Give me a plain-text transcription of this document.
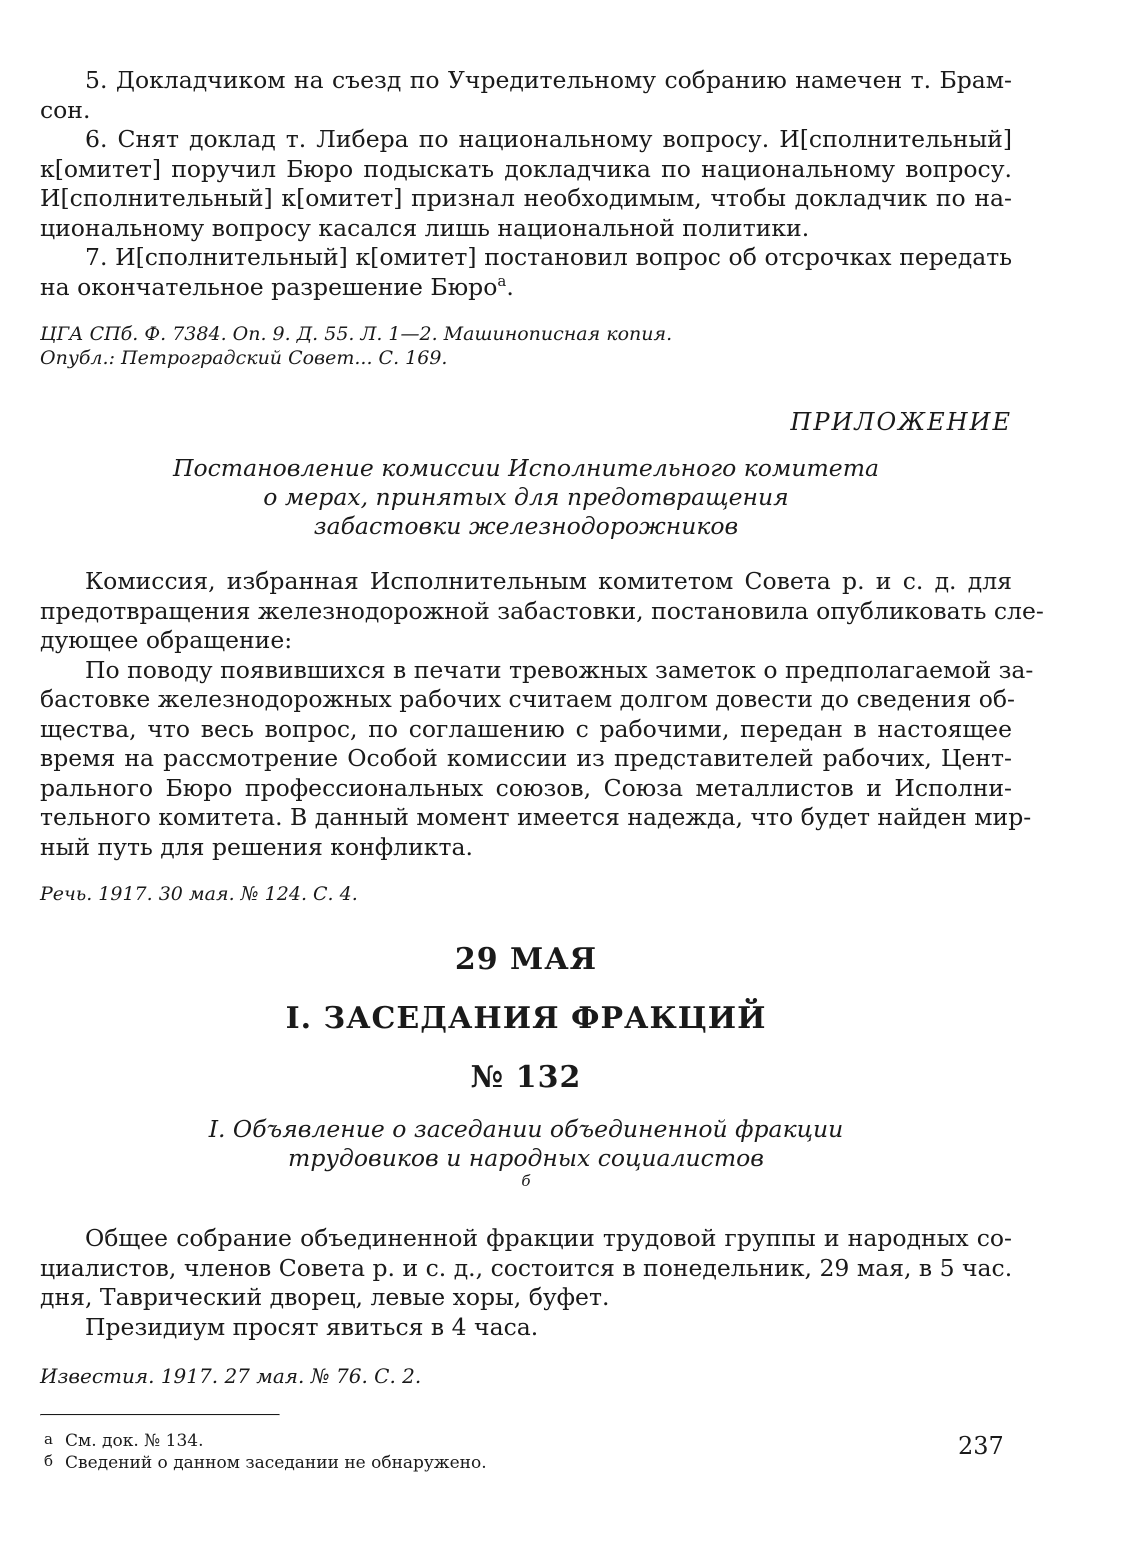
5. Докладчиком на съезд по Учредительному собранию намечен т. Брам-
сон.

6. Снят доклад т. Либера по национальному вопросу. И[сполнительный]
к[омитет] поручил Бюро подыскать докладчика по национальному вопросу.
И[сполнительный] к[омитет] признал необходимым, чтобы докладчик по на-
циональному вопросу касался лишь национальной политики.

7. И[сполнительный] к[омитет] постановил вопрос об отсрочках передать
на окончательное разрешение Бюро$^а$.

ЦГА СПб. Ф. 7384. Оп. 9. Д. 55. Л. 1—2. Машинописная копия.
Опубл.: Петроградский Совет... С. 169.

ПРИЛОЖЕНИЕ

Постановление комиссии Исполнительного комитета
о мерах, принятых для предотвращения
забастовки железнодорожников

Комиссия, избранная Исполнительным комитетом Совета р. и с. д. для
предотвращения железнодорожной забастовки, постановила опубликовать сле-
дующее обращение:

По поводу появившихся в печати тревожных заметок о предполагаемой за-
бастовке железнодорожных рабочих считаем долгом довести до сведения об-
щества, что весь вопрос, по соглашению с рабочими, передан в настоящее
время на рассмотрение Особой комиссии из представителей рабочих, Цент-
рального Бюро профессиональных союзов, Союза металлистов и Исполни-
тельного комитета. В данный момент имеется надежда, что будет найден мир-
ный путь для решения конфликта.

Речь. 1917. 30 мая. № 124. С. 4.

29 МАЯ

I. ЗАСЕДАНИЯ ФРАКЦИЙ

№ 132

I. Объявление о заседании объединенной фракции
трудовиков и народных социалистов
$^б$

Общее собрание объединенной фракции трудовой группы и народных со-
циалистов, членов Совета р. и с. д., состоится в понедельник, 29 мая, в 5 час.
дня, Таврический дворец, левые хоры, буфет.

Президиум просят явиться в 4 часа.

Известия. 1917. 27 мая. № 76. С. 2.

а См. док. № 134.

б Сведений о данном заседании не обнаружено.

237
